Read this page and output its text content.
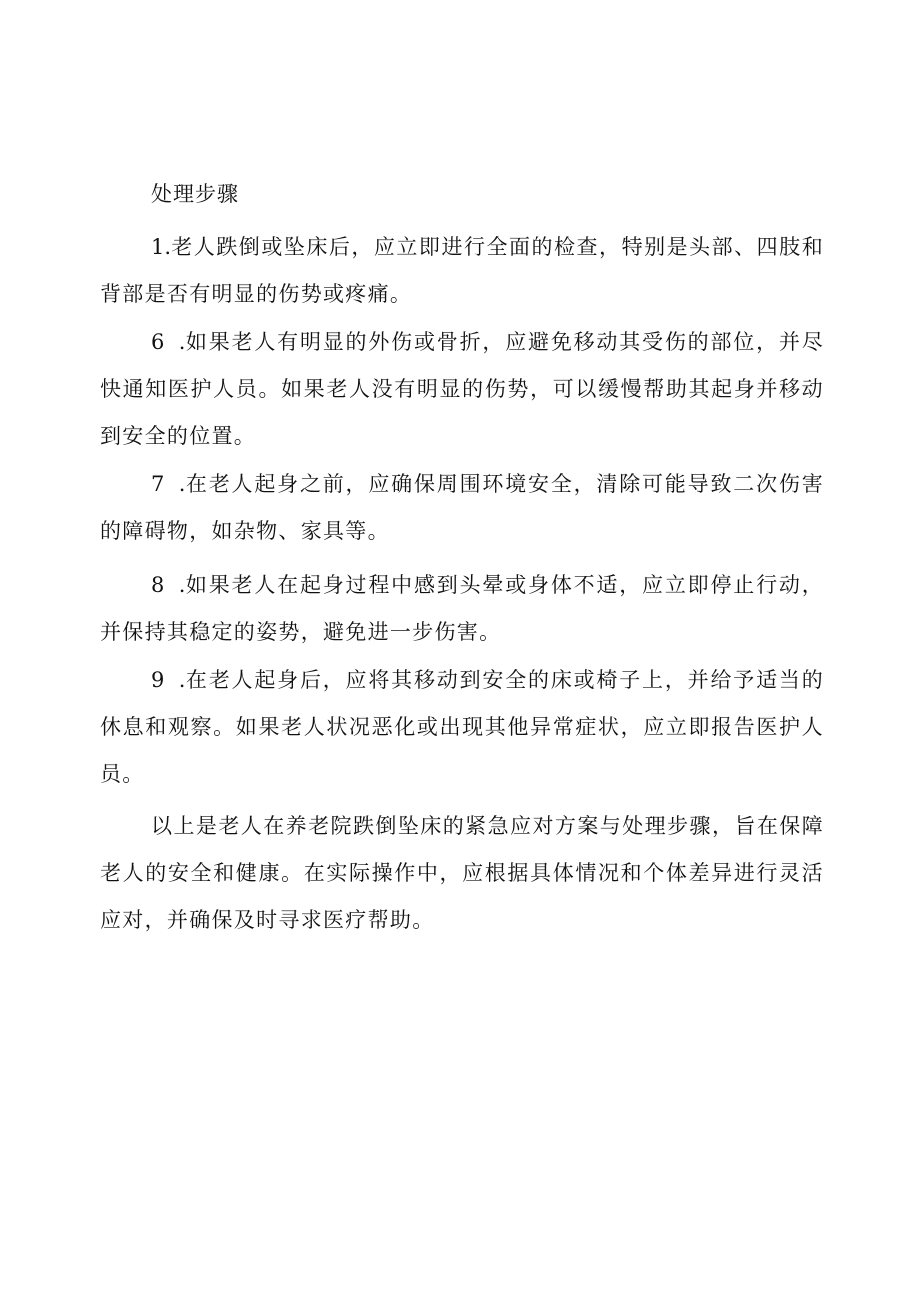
处理步骤

1.老人跌倒或坠床后，应立即进行全面的检查，特别是头部、四肢和背部是否有明显的伤势或疼痛。

6  .如果老人有明显的外伤或骨折，应避免移动其受伤的部位，并尽快通知医护人员。如果老人没有明显的伤势，可以缓慢帮助其起身并移动到安全的位置。

7  .在老人起身之前，应确保周围环境安全，清除可能导致二次伤害的障碍物，如杂物、家具等。

8  .如果老人在起身过程中感到头晕或身体不适，应立即停止行动，并保持其稳定的姿势，避免进一步伤害。

9  .在老人起身后，应将其移动到安全的床或椅子上，并给予适当的休息和观察。如果老人状况恶化或出现其他异常症状，应立即报告医护人员。

以上是老人在养老院跌倒坠床的紧急应对方案与处理步骤，旨在保障老人的安全和健康。在实际操作中，应根据具体情况和个体差异进行灵活应对，并确保及时寻求医疗帮助。
